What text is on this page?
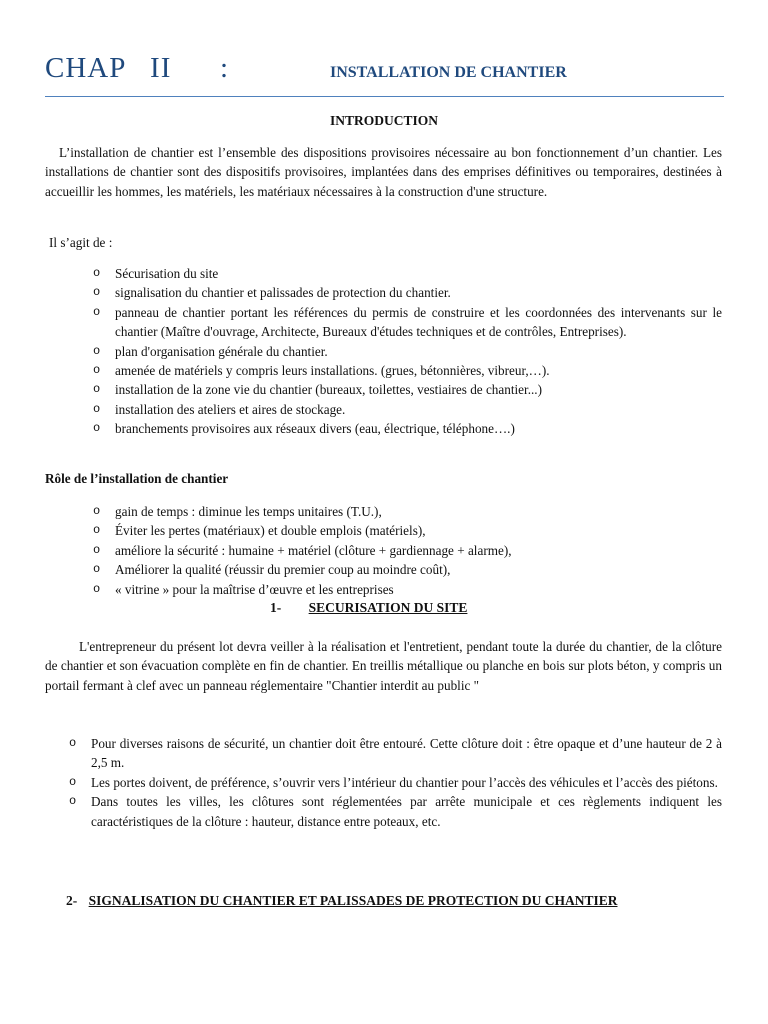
CHAP   II :	INSTALLATION DE CHANTIER
INTRODUCTION
L’installation de chantier est l’ensemble des dispositions provisoires nécessaire au bon fonctionnement d’un chantier. Les installations de chantier sont des dispositifs provisoires, implantées dans des emprises définitives ou temporaires, destinées à accueillir les hommes, les matériels, les matériaux nécessaires à la construction d'une structure.
Il s’agit de :
o Sécurisation du site
o signalisation du chantier et palissades de protection du chantier.
o panneau de chantier portant les références du permis de construire et les coordonnées des intervenants sur le chantier (Maître d'ouvrage, Architecte, Bureaux d'études techniques et de contrôles, Entreprises).
o plan d'organisation générale du chantier.
o amenée de matériels y compris leurs installations. (grues, bétonnières, vibreur,…).
o installation de la zone vie du chantier (bureaux, toilettes, vestiaires de chantier...)
o installation des ateliers et aires de stockage.
o branchements provisoires aux réseaux divers (eau, électrique, téléphone….)
Rôle de l’installation de chantier
o gain de temps : diminue les temps unitaires (T.U.),
o Éviter les pertes (matériaux) et double emplois (matériels),
o améliore la sécurité : humaine + matériel (clôture + gardiennage + alarme),
o Améliorer la qualité (réussir du premier coup au moindre coût),
o « vitrine » pour la maîtrise d’œuvre et les entreprises
1- SECURISATION DU SITE
L'entrepreneur du présent lot devra veiller à la réalisation et l'entretient, pendant toute la durée du chantier, de la clôture de chantier et son évacuation complète en fin de chantier. En treillis métallique ou planche en bois sur plots béton, y compris un portail fermant à clef avec un panneau réglementaire "Chantier interdit au public "
o Pour diverses raisons de sécurité, un chantier doit être entouré. Cette clôture doit : être opaque et d’une hauteur de 2 à 2,5 m.
o Les portes doivent, de préférence, s’ouvrir vers l’intérieur du chantier pour l’accès des véhicules et l’accès des piétons.
o Dans toutes les villes, les clôtures sont réglementées par arrête municipale et ces règlements indiquent les caractéristiques de la clôture : hauteur, distance entre poteaux, etc.
2- SIGNALISATION DU CHANTIER ET PALISSADES DE PROTECTION DU CHANTIER
